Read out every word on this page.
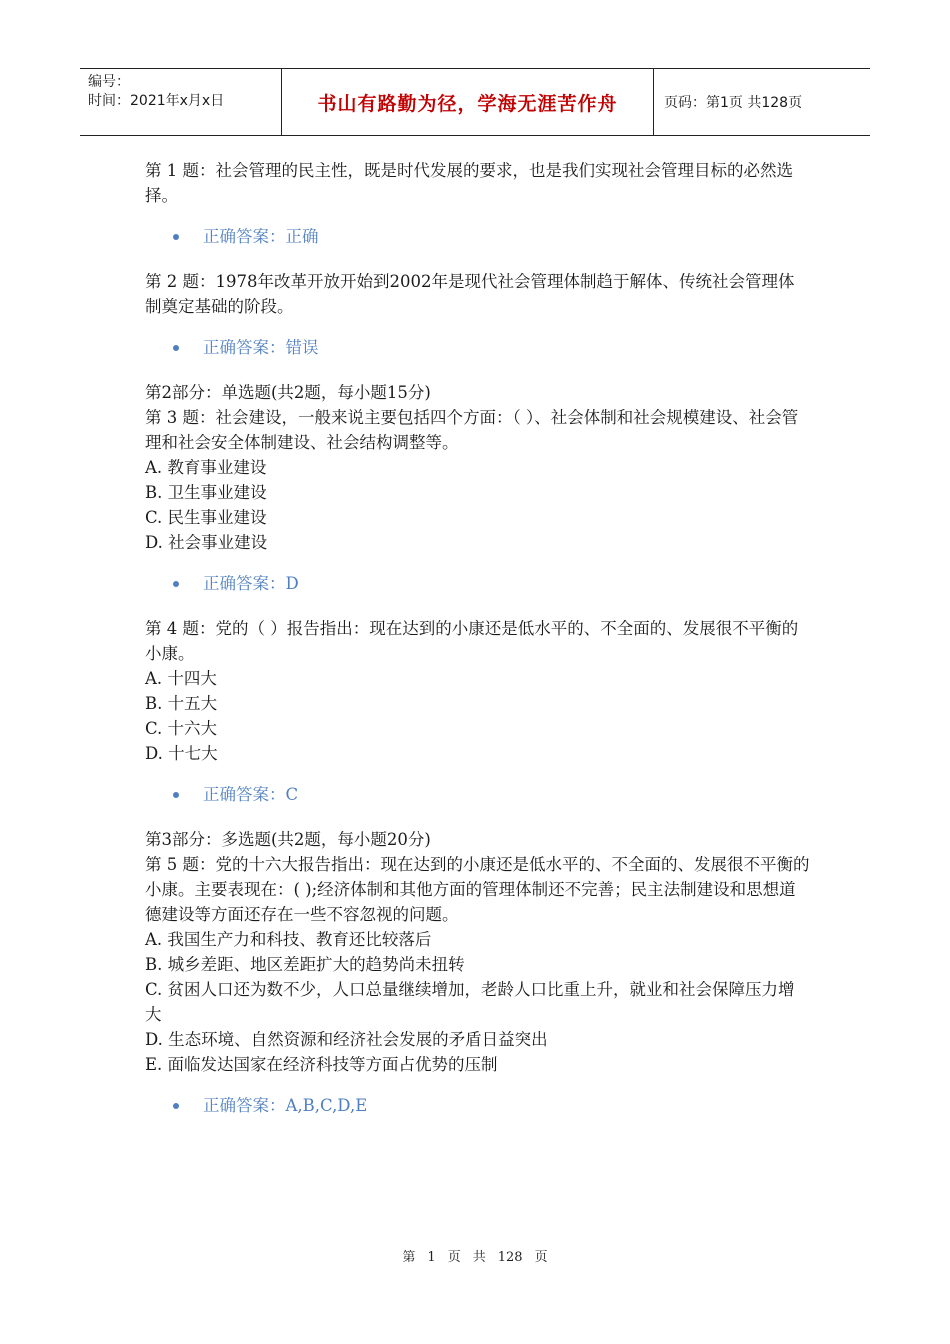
编号：
时间：2021年x月x日	书山有路勤为径，学海无涯苦作舟	页码：第1页 共128页

第 1 题：社会管理的民主性，既是时代发展的要求，也是我们实现社会管理目标的必然选择。

正确答案：正确

第 2 题：1978年改革开放开始到2002年是现代社会管理体制趋于解体、传统社会管理体制奠定基础的阶段。

正确答案：错误

第2部分：单选题(共2题，每小题15分)

第 3 题：社会建设，一般来说主要包括四个方面：（ ）、社会体制和社会规模建设、社会管理和社会安全体制建设、社会结构调整等。

A. 教育事业建设

B. 卫生事业建设

C. 民生事业建设

D. 社会事业建设

正确答案：D

第 4 题：党的（ ）报告指出：现在达到的小康还是低水平的、不全面的、发展很不平衡的小康。

A. 十四大

B. 十五大

C. 十六大

D. 十七大

正确答案：C

第3部分：多选题(共2题，每小题20分)

第 5 题：党的十六大报告指出：现在达到的小康还是低水平的、不全面的、发展很不平衡的小康。主要表现在：( );经济体制和其他方面的管理体制还不完善；民主法制建设和思想道德建设等方面还存在一些不容忽视的问题。

A. 我国生产力和科技、教育还比较落后

B. 城乡差距、地区差距扩大的趋势尚未扭转

C. 贫困人口还为数不少，人口总量继续增加，老龄人口比重上升，就业和社会保障压力增大

D. 生态环境、自然资源和经济社会发展的矛盾日益突出

E. 面临发达国家在经济科技等方面占优势的压制

正确答案：A,B,C,D,E
第 1 页 共 128 页
